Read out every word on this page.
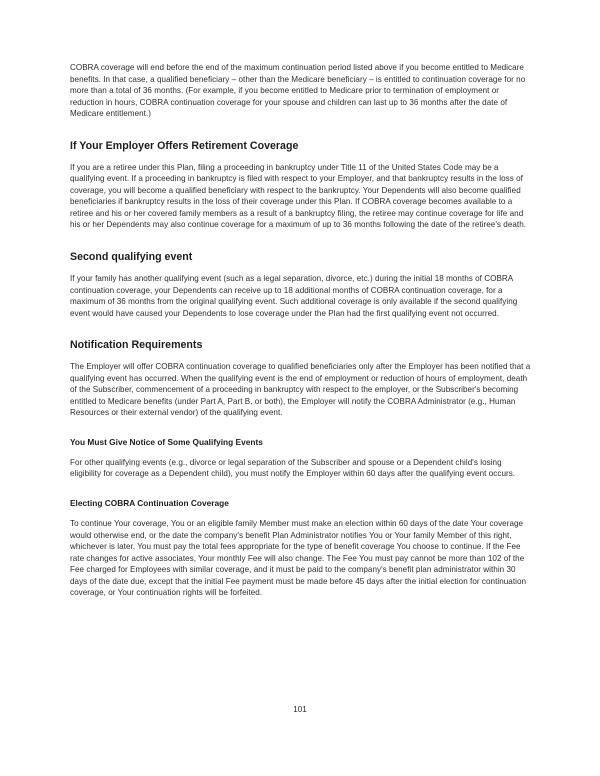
COBRA coverage will end before the end of the maximum continuation period listed above if you become entitled to Medicare benefits. In that case, a qualified beneficiary – other than the Medicare beneficiary – is entitled to continuation coverage for no more than a total of 36 months. (For example, if you become entitled to Medicare prior to termination of employment or reduction in hours, COBRA continuation coverage for your spouse and children can last up to 36 months after the date of Medicare entitlement.)

If Your Employer Offers Retirement Coverage

If you are a retiree under this Plan, filing a proceeding in bankruptcy under Title 11 of the United States Code may be a qualifying event. If a proceeding in bankruptcy is filed with respect to your Employer, and that bankruptcy results in the loss of coverage, you will become a qualified beneficiary with respect to the bankruptcy. Your Dependents will also become qualified beneficiaries if bankruptcy results in the loss of their coverage under this Plan. If COBRA coverage becomes available to a retiree and his or her covered family members as a result of a bankruptcy filing, the retiree may continue coverage for life and his or her Dependents may also continue coverage for a maximum of up to 36 months following the date of the retiree's death.

Second qualifying event

If your family has another qualifying event (such as a legal separation, divorce, etc.) during the initial 18 months of COBRA continuation coverage, your Dependents can receive up to 18 additional months of COBRA continuation coverage, for a maximum of 36 months from the original qualifying event. Such additional coverage is only available if the second qualifying event would have caused your Dependents to lose coverage under the Plan had the first qualifying event not occurred.

Notification Requirements

The Employer will offer COBRA continuation coverage to qualified beneficiaries only after the Employer has been notified that a qualifying event has occurred. When the qualifying event is the end of employment or reduction of hours of employment, death of the Subscriber, commencement of a proceeding in bankruptcy with respect to the employer, or the Subscriber's becoming entitled to Medicare benefits (under Part A, Part B, or both), the Employer will notify the COBRA Administrator (e.g., Human Resources or their external vendor) of the qualifying event.

You Must Give Notice of Some Qualifying Events

For other qualifying events (e.g., divorce or legal separation of the Subscriber and spouse or a Dependent child's losing eligibility for coverage as a Dependent child), you must notify the Employer within 60 days after the qualifying event occurs.

Electing COBRA Continuation Coverage

To continue Your coverage, You or an eligible family Member must make an election within 60 days of the date Your coverage would otherwise end, or the date the company's benefit Plan Administrator notifies You or Your family Member of this right, whichever is later. You must pay the total fees appropriate for the type of benefit coverage You choose to continue. If the Fee rate changes for active associates, Your monthly Fee will also change. The Fee You must pay cannot be more than 102 of the Fee charged for Employees with similar coverage, and it must be paid to the company's benefit plan administrator within 30 days of the date due, except that the initial Fee payment must be made before 45 days after the initial election for continuation coverage, or Your continuation rights will be forfeited.

101
